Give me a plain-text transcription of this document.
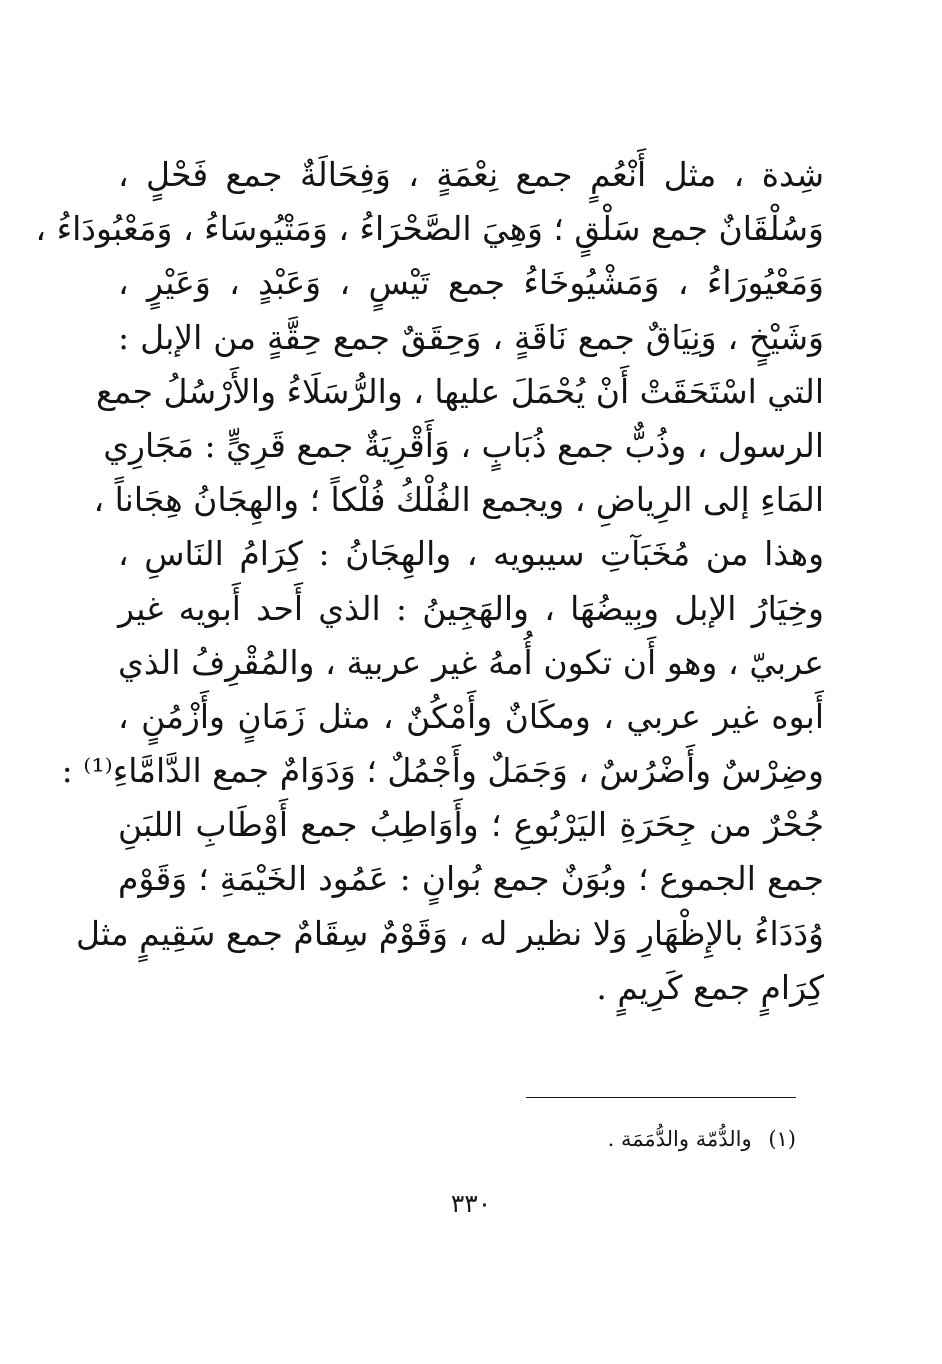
شِدة ، مثل أَنْعُمٍ جمع نِعْمَةٍ ، وَفِحَالَةٌ جمع فَحْلٍ ،
وَسُلْقَانٌ جمع سَلْقٍ ؛ وَهِيَ الصَّحْرَاءُ ، وَمَتْيُوسَاءُ ، وَمَعْبُودَاءُ ،
وَمَعْيُورَاءُ ، وَمَشْيُوخَاءُ جمع تَيْسٍ ، وَعَبْدٍ ، وَعَيْرٍ ،
وَشَيْخٍ ، وَنِيَاقٌ جمع نَاقَةٍ ، وَحِقَقٌ جمع حِقَّةٍ من الإبل :
التي اسْتَحَقَتْ أَنْ يُحْمَلَ عليها ، والرُّسَلَاءُ والأَرْسُلُ جمع
الرسول ، وذُبٌّ جمع ذُبَابٍ ، وَأَقْرِيَةٌ جمع قَرِيٍّ : مَجَارِي
المَاءِ إلى الرِياضِ ، ويجمع الفُلْكُ فُلْكاً ؛ والهِجَانُ هِجَاناً ،
وهذا من مُخَبَآتِ سيبويه ، والهِجَانُ : كِرَامُ النَاسِ ،
وخِيَارُ الإبل وبِيضُهَا ، والهَجِينُ : الذي أَحد أَبويه غير
عربيّ ، وهو أَن تكون أُمهُ غير عربية ، والمُقْرِفُ الذي
أَبوه غير عربي ، ومكَانٌ وأَمْكُنٌ ، مثل زَمَانٍ وأَزْمُنٍ ،
وضِرْسٌ وأَضْرُسٌ ، وَجَمَلٌ وأَجْمُلٌ ؛ وَدَوَامٌ جمع الدَّامَّاءِ⁽¹⁾ :
جُحْرٌ من جِحَرَةِ اليَرْبُوعِ ؛ وأَوَاطِبُ جمع أَوْطَابِ اللبَنِ
جمع الجموع ؛ وبُوَنٌ جمع بُوانٍ : عَمُود الخَيْمَةِ ؛ وَقَوْم
وُدَدَاءُ بالإِظْهَارِ وَلا نظير له ، وَقَوْمٌ سِقَامٌ جمع سَقِيمٍ مثل
كِرَامٍ جمع كَرِيمٍ .
(١) والدُّمّة والدُّمَمَة .
٣٣٠
